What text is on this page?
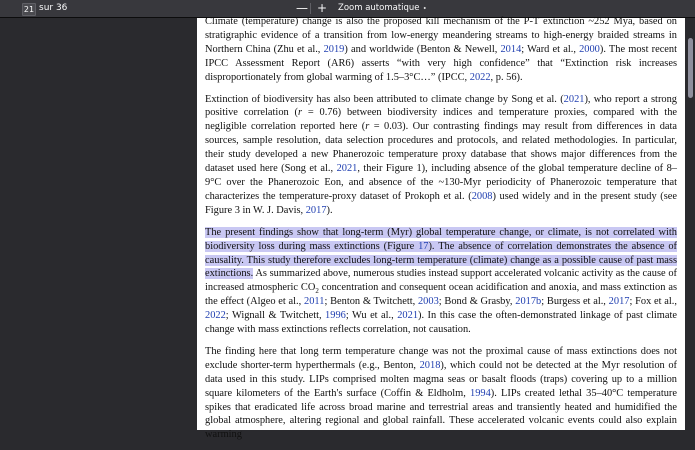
21 sur 36	— +	Zoom automatique ⬩

Climate (temperature) change is also the proposed kill mechanism of the P-T extinction ~252 Mya, based on stratigraphic evidence of a transition from low-energy meandering streams to high-energy braided streams in Northern China (Zhu et al., 2019) and worldwide (Benton & Newell, 2014; Ward et al., 2000). The most recent IPCC Assessment Report (AR6) asserts “with very high confidence” that “Extinction risk increases disproportionately from global warming of 1.5–3°C…” (IPCC, 2022, p. 56).

Extinction of biodiversity has also been attributed to climate change by Song et al. (2021), who report a strong positive correlation (r = 0.76) between biodiversity indices and temperature proxies, compared with the negligible correlation reported here (r = 0.03). Our contrasting findings may result from differences in data sources, sample resolution, data selection procedures and protocols, and related methodologies. In particular, their study developed a new Phanerozoic temperature proxy database that shows major differences from the dataset used here (Song et al., 2021, their Figure 1), including absence of the global temperature decline of 8–9°C over the Phanerozoic Eon, and absence of the ~130-Myr periodicity of Phanerozoic temperature that characterizes the temperature-proxy dataset of Prokoph et al. (2008) used widely and in the present study (see Figure 3 in W. J. Davis, 2017).

The present findings show that long-term (Myr) global temperature change, or climate, is not correlated with biodiversity loss during mass extinctions (Figure 17). The absence of correlation demonstrates the absence of causality. This study therefore excludes long-term temperature (climate) change as a possible cause of past mass extinctions. As summarized above, numerous studies instead support accelerated volcanic activity as the cause of increased atmospheric $CO_2$ concentration and consequent ocean acidification and anoxia, and mass extinction as the effect (Algeo et al., 2011; Benton & Twitchett, 2003; Bond & Grasby, 2017b; Burgess et al., 2017; Fox et al., 2022; Wignall & Twitchett, 1996; Wu et al., 2021). In this case the often-demonstrated linkage of past climate change with mass extinctions reflects correlation, not causation.

The finding here that long term temperature change was not the proximal cause of mass extinctions does not exclude shorter-term hyperthermals (e.g., Benton, 2018), which could not be detected at the Myr resolution of data used in this study. LIPs comprised molten magma seas or basalt floods (traps) covering up to a million square kilometers of the Earth's surface (Coffin & Eldholm, 1994). LIPs created lethal 35–40°C temperature spikes that eradicated life across broad marine and terrestrial areas and transiently heated and humidified the global atmosphere, altering regional and global rainfall. These accelerated volcanic events could also explain warming
